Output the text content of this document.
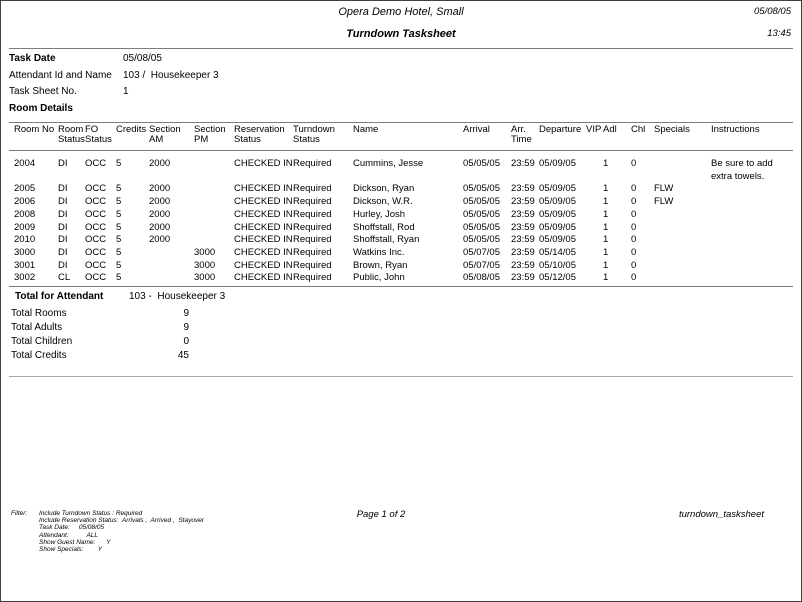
Opera Demo Hotel, Small
Turndown Tasksheet
05/08/05
13:45
Task Date	05/08/05
Attendant Id and Name 103 /  Housekeeper 3
Task Sheet No.	1
Room Details
Room No	Room Status	FO Status	Credits	Section AM	Section PM	Reservation Status	Turndown Status	Name	Arrival	Arr. Time	Departure	VIP	Adl	Chl	Specials	Instructions
2004	DI	OCC	5	2000		CHECKED IN	Required	Cummins, Jesse	05/05/05	23:59	05/09/05		1	0		Be sure to add extra towels.
2005	DI	OCC	5	2000		CHECKED IN	Required	Dickson, Ryan	05/05/05	23:59	05/09/05		1	0	FLW	
2006	DI	OCC	5	2000		CHECKED IN	Required	Dickson, W.R.	05/05/05	23:59	05/09/05		1	0	FLW	
2008	DI	OCC	5	2000		CHECKED IN	Required	Hurley, Josh	05/05/05	23:59	05/09/05		1	0		
2009	DI	OCC	5	2000		CHECKED IN	Required	Shoffstall, Rod	05/05/05	23:59	05/09/05		1	0		
2010	DI	OCC	5	2000		CHECKED IN	Required	Shoffstall, Ryan	05/05/05	23:59	05/09/05		1	0		
3000	DI	OCC	5		3000	CHECKED IN	Required	Watkins Inc.	05/07/05	23:59	05/14/05		1	0		
3001	DI	OCC	5		3000	CHECKED IN	Required	Brown, Ryan	05/07/05	23:59	05/10/05		1	0		
3002	CL	OCC	5		3000	CHECKED IN	Required	Public, John	05/08/05	23:59	05/12/05		1	0		
Total for Attendant	103 -  Housekeeper 3
Total Rooms	9
Total Adults	9
Total Children	0
Total Credits	45
Filter: Include Turndown Status : Required
Include Reservation Status:  Arrivals ,  Arrived ,  Stayover
Task Date:     05/08/05
Attendant:          ALL
Show Guest Name:      Y
Show Specials:        Y
Page 1 of 2	turndown_tasksheet
